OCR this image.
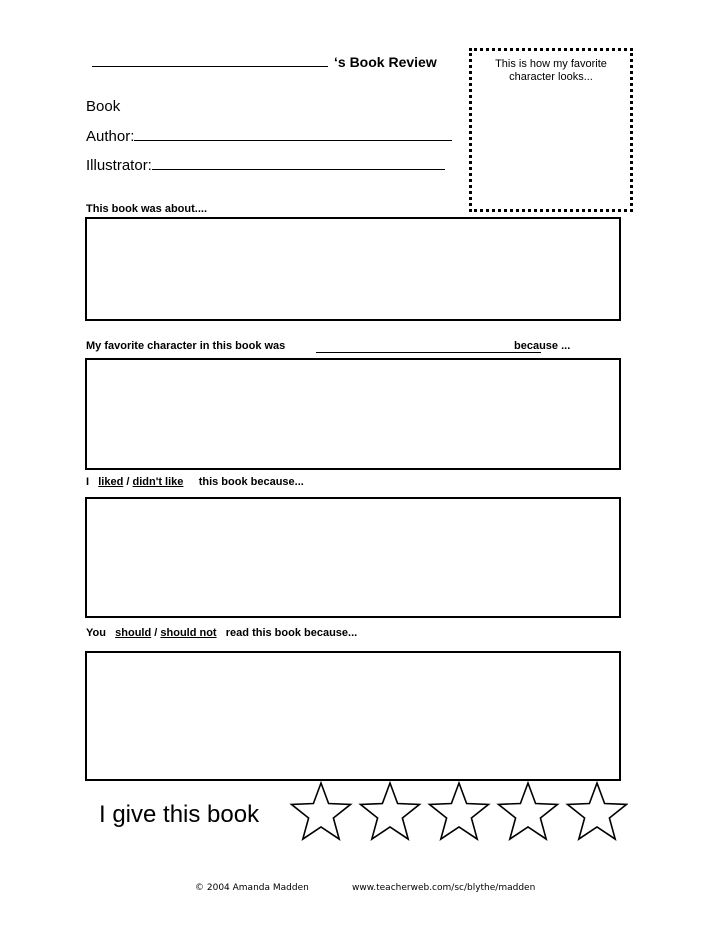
‘s Book Review
Book
Author:
Illustrator:
This is how my favorite character looks...
This book was about....
My favorite character in this book was	because ...
I liked / didn't like this book because...
You should / should not read this book because...
I give this book
© 2004 Amanda Madden	www.teacherweb.com/sc/blythe/madden
